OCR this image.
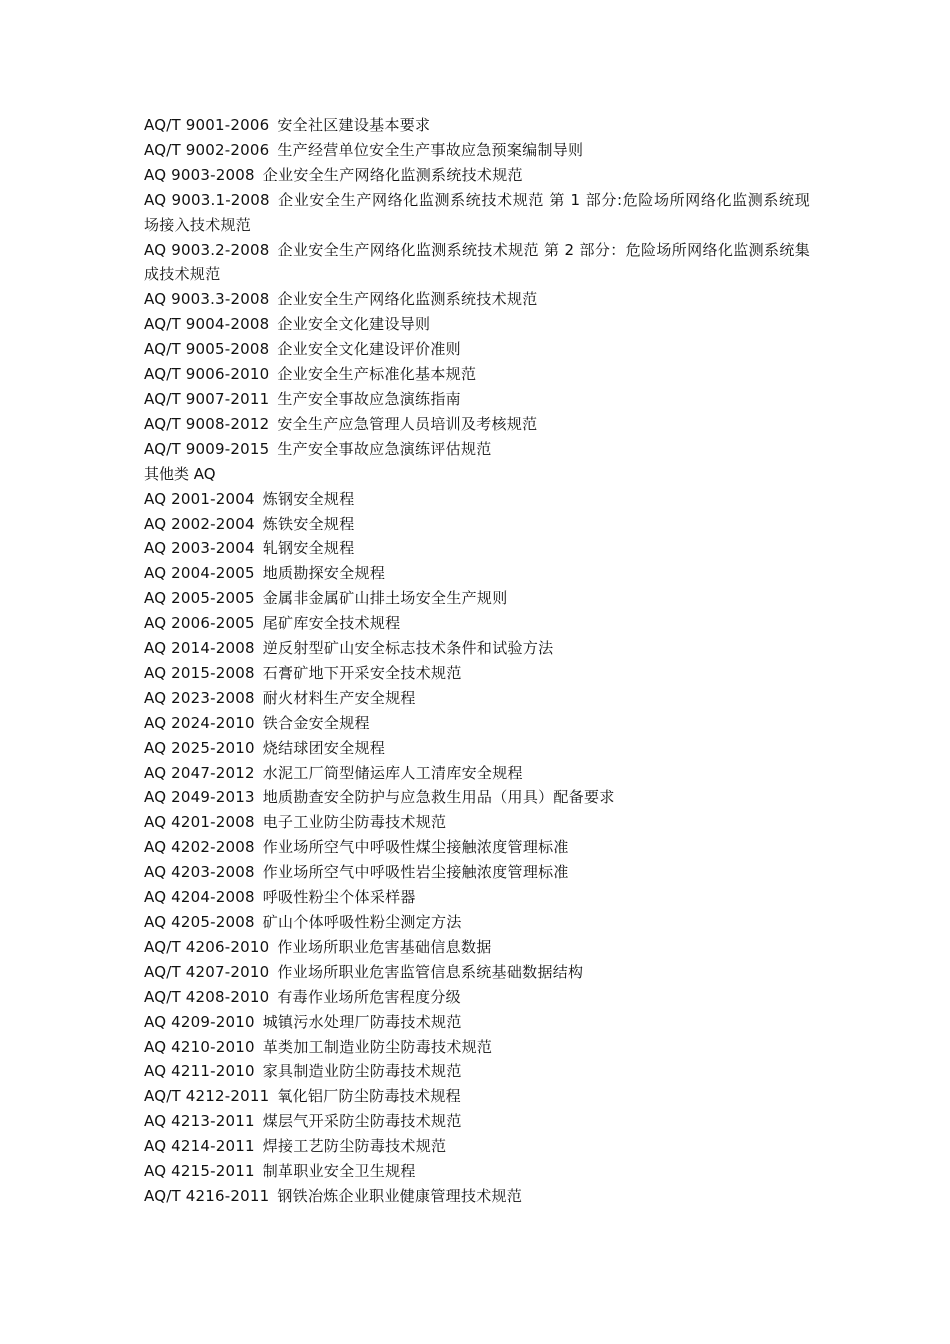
AQ/T 9001-2006 安全社区建设基本要求
AQ/T 9002-2006 生产经营单位安全生产事故应急预案编制导则
AQ 9003-2008 企业安全生产网络化监测系统技术规范
AQ 9003.1-2008 企业安全生产网络化监测系统技术规范 第 1 部分:危险场所网络化监测系统现场接入技术规范
AQ 9003.2-2008 企业安全生产网络化监测系统技术规范 第 2 部分：危险场所网络化监测系统集成技术规范
AQ 9003.3-2008 企业安全生产网络化监测系统技术规范
AQ/T 9004-2008 企业安全文化建设导则
AQ/T 9005-2008 企业安全文化建设评价准则
AQ/T 9006-2010 企业安全生产标准化基本规范
AQ/T 9007-2011 生产安全事故应急演练指南
AQ/T 9008-2012 安全生产应急管理人员培训及考核规范
AQ/T 9009-2015 生产安全事故应急演练评估规范
其他类 AQ
AQ 2001-2004 炼钢安全规程
AQ 2002-2004 炼铁安全规程
AQ 2003-2004 轧钢安全规程
AQ 2004-2005 地质勘探安全规程
AQ 2005-2005 金属非金属矿山排土场安全生产规则
AQ 2006-2005 尾矿库安全技术规程
AQ 2014-2008 逆反射型矿山安全标志技术条件和试验方法
AQ 2015-2008 石膏矿地下开采安全技术规范
AQ 2023-2008 耐火材料生产安全规程
AQ 2024-2010 铁合金安全规程
AQ 2025-2010 烧结球团安全规程
AQ 2047-2012 水泥工厂筒型储运库人工清库安全规程
AQ 2049-2013 地质勘查安全防护与应急救生用品（用具）配备要求
AQ 4201-2008 电子工业防尘防毒技术规范
AQ 4202-2008 作业场所空气中呼吸性煤尘接触浓度管理标准
AQ 4203-2008 作业场所空气中呼吸性岩尘接触浓度管理标准
AQ 4204-2008 呼吸性粉尘个体采样器
AQ 4205-2008 矿山个体呼吸性粉尘测定方法
AQ/T 4206-2010 作业场所职业危害基础信息数据
AQ/T 4207-2010 作业场所职业危害监管信息系统基础数据结构
AQ/T 4208-2010 有毒作业场所危害程度分级
AQ 4209-2010 城镇污水处理厂防毒技术规范
AQ 4210-2010 革类加工制造业防尘防毒技术规范
AQ 4211-2010 家具制造业防尘防毒技术规范
AQ/T 4212-2011 氧化铝厂防尘防毒技术规程
AQ 4213-2011 煤层气开采防尘防毒技术规范
AQ 4214-2011 焊接工艺防尘防毒技术规范
AQ 4215-2011 制革职业安全卫生规程
AQ/T 4216-2011 钢铁冶炼企业职业健康管理技术规范
